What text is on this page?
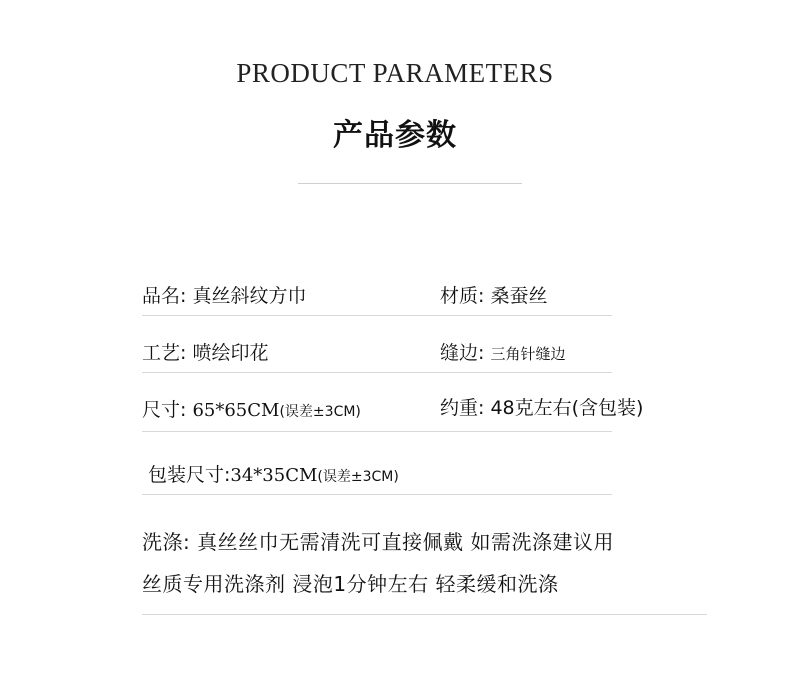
PRODUCT PARAMETERS
产品参数
品名: 真丝斜纹方巾	材质: 桑蚕丝
工艺: 喷绘印花	缝边: 三角针缝边
尺寸: 65*65CM(误差±3CM)	约重: 48克左右(含包装)
包装尺寸:34*35CM(误差±3CM)
洗涤: 真丝丝巾无需清洗可直接佩戴 如需洗涤建议用
丝质专用洗涤剂 浸泡1分钟左右 轻柔缓和洗涤
